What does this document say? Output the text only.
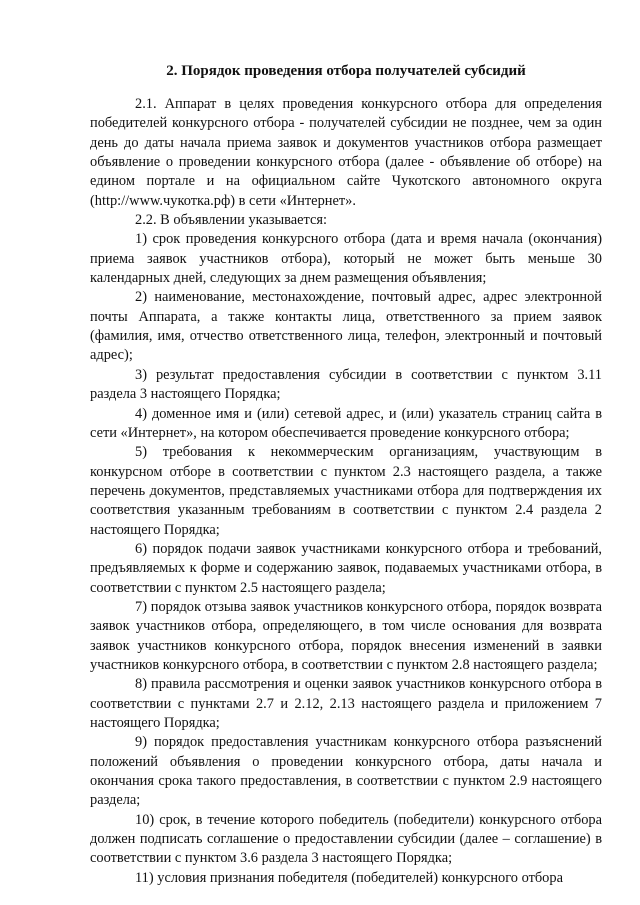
2. Порядок проведения отбора получателей субсидий

2.1. Аппарат в целях проведения конкурсного отбора для определения победителей конкурсного отбора - получателей субсидии не позднее, чем за один день до даты начала приема заявок и документов участников отбора размещает объявление о проведении конкурсного отбора (далее - объявление об отборе) на едином портале и на официальном сайте Чукотского автономного округа (http://www.чукотка.рф) в сети «Интернет».

2.2. В объявлении указывается:

1) срок проведения конкурсного отбора (дата и время начала (окончания) приема заявок участников отбора), который не может быть меньше 30 календарных дней, следующих за днем размещения объявления;

2) наименование, местонахождение, почтовый адрес, адрес электронной почты Аппарата, а также контакты лица, ответственного за прием заявок (фамилия, имя, отчество ответственного лица, телефон, электронный и почтовый адрес);

3) результат предоставления субсидии в соответствии с пунктом 3.11 раздела 3 настоящего Порядка;

4) доменное имя и (или) сетевой адрес, и (или) указатель страниц сайта в сети «Интернет», на котором обеспечивается проведение конкурсного отбора;

5) требования к некоммерческим организациям, участвующим в конкурсном отборе в соответствии с пунктом 2.3 настоящего раздела, а также перечень документов, представляемых участниками отбора для подтверждения их соответствия указанным требованиям в соответствии с пунктом 2.4 раздела 2 настоящего Порядка;

6) порядок подачи заявок участниками конкурсного отбора и требований, предъявляемых к форме и содержанию заявок, подаваемых участниками отбора, в соответствии с пунктом 2.5 настоящего раздела;

7) порядок отзыва заявок участников конкурсного отбора, порядок возврата заявок участников отбора, определяющего, в том числе основания для возврата заявок участников конкурсного отбора, порядок внесения изменений в заявки участников конкурсного отбора, в соответствии с пунктом 2.8 настоящего раздела;

8) правила рассмотрения и оценки заявок участников конкурсного отбора в соответствии с пунктами 2.7 и 2.12, 2.13 настоящего раздела и приложением 7 настоящего Порядка;

9) порядок предоставления участникам конкурсного отбора разъяснений положений объявления о проведении конкурсного отбора, даты начала и окончания срока такого предоставления, в соответствии с пунктом 2.9 настоящего раздела;

10) срок, в течение которого победитель (победители) конкурсного отбора должен подписать соглашение о предоставлении субсидии (далее – соглашение) в соответствии с пунктом 3.6 раздела 3 настоящего Порядка;

11) условия признания победителя (победителей) конкурсного отбора
